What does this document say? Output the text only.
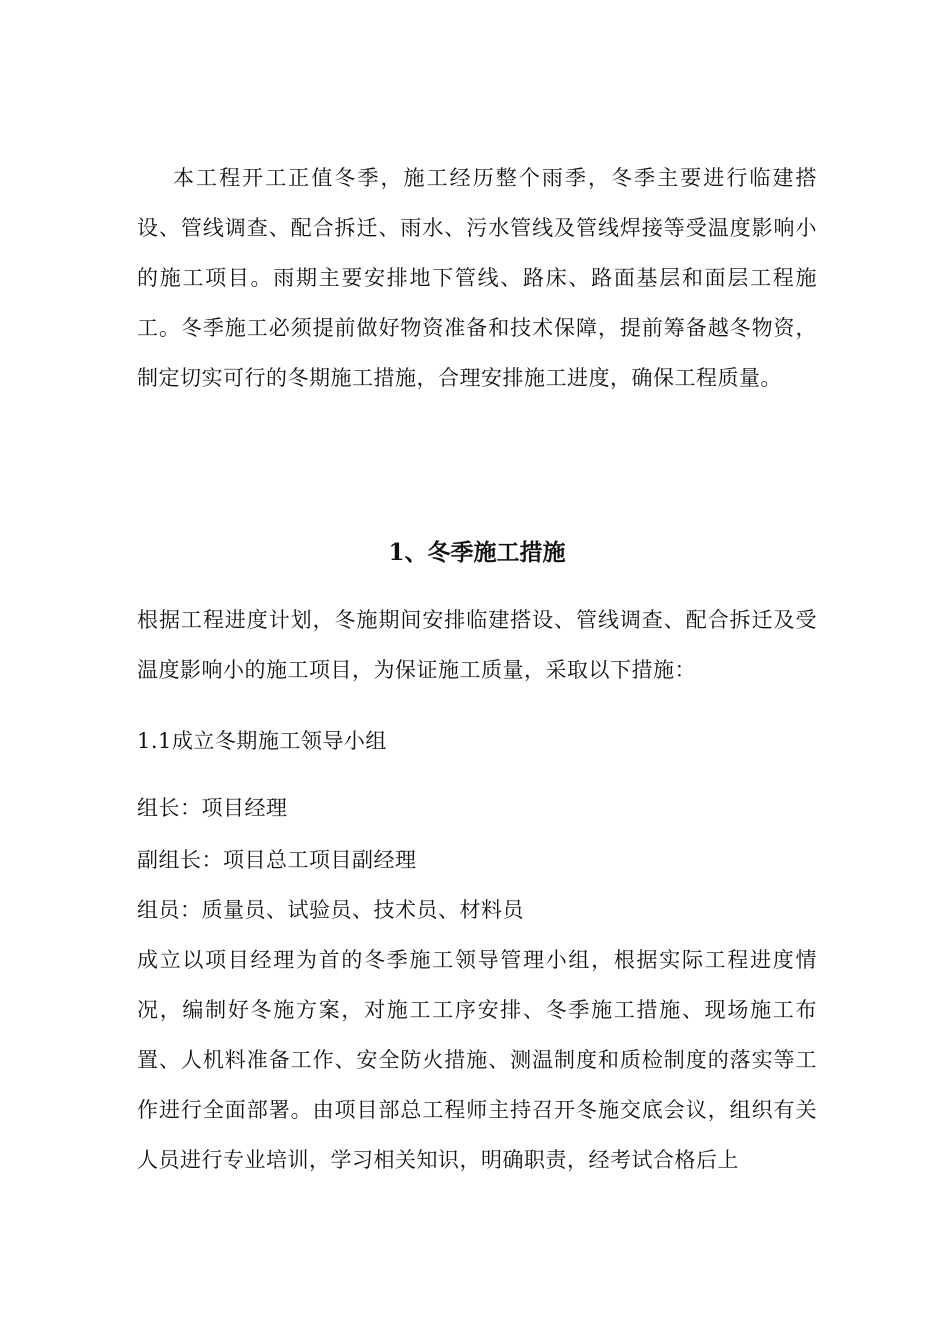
本工程开工正值冬季，施工经历整个雨季，冬季主要进行临建搭设、管线调查、配合拆迁、雨水、污水管线及管线焊接等受温度影响小的施工项目。雨期主要安排地下管线、路床、路面基层和面层工程施工。冬季施工必须提前做好物资准备和技术保障，提前筹备越冬物资，制定切实可行的冬期施工措施，合理安排施工进度，确保工程质量。

1、冬季施工措施

根据工程进度计划，冬施期间安排临建搭设、管线调查、配合拆迁及受温度影响小的施工项目，为保证施工质量，采取以下措施：

1.1成立冬期施工领导小组

组长：项目经理

副组长：项目总工项目副经理

组员：质量员、试验员、技术员、材料员

成立以项目经理为首的冬季施工领导管理小组，根据实际工程进度情况，编制好冬施方案，对施工工序安排、冬季施工措施、现场施工布置、人机料准备工作、安全防火措施、测温制度和质检制度的落实等工作进行全面部署。由项目部总工程师主持召开冬施交底会议，组织有关人员进行专业培训，学习相关知识，明确职责，经考试合格后上
